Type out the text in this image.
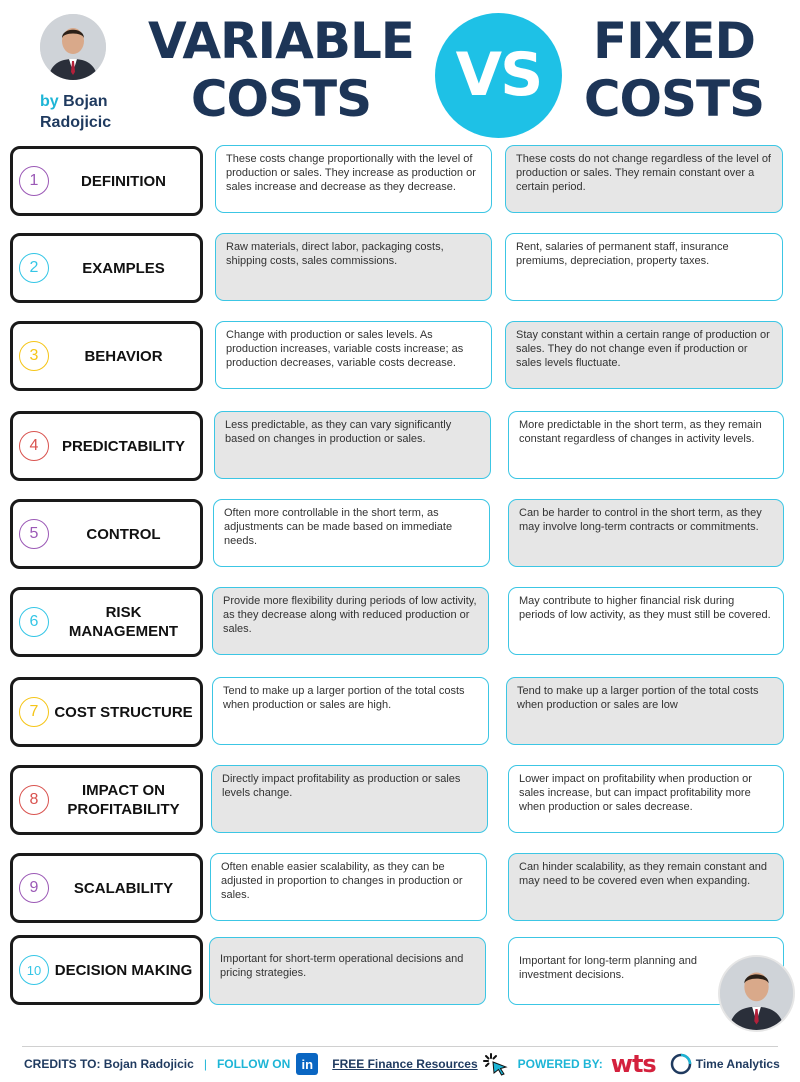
by Bojan Radojicic
VARIABLE
COSTS	VS	FIXED
COSTS
1	DEFINITION
These costs change proportionally with the level of production or sales. They increase as production or sales increase and decrease as they decrease.
These costs do not change regardless of the level of production or sales. They remain constant over a certain period.
2	EXAMPLES
Raw materials, direct labor, packaging costs, shipping costs, sales commissions.
Rent, salaries of permanent staff, insurance premiums, depreciation, property taxes.
3	BEHAVIOR
Change with production or sales levels. As production increases, variable costs increase; as production decreases, variable costs decrease.
Stay constant within a certain range of production or sales. They do not change even if production or sales levels fluctuate.
4	PREDICTABILITY
Less predictable, as they can vary significantly based on changes in production or sales.
More predictable in the short term, as they remain constant regardless of changes in activity levels.
5	CONTROL
Often more controllable in the short term, as adjustments can be made based on immediate needs.
Can be harder to control in the short term, as they may involve long-term contracts or commitments.
6
RISK MANAGEMENT
Provide more flexibility during periods of low activity, as they decrease along with reduced production or sales.
May contribute to higher financial risk during periods of low activity, as they must still be covered.
7	COST STRUCTURE
Tend to make up a larger portion of the total costs when production or sales are high.
Tend to make up a larger portion of the total costs when production or sales are low
8
IMPACT ON PROFITABILITY
Directly impact profitability as production or sales levels change.
Lower impact on profitability when production or sales increase, but can impact profitability more when production or sales decrease.
9	SCALABILITY
Often enable easier scalability, as they can be adjusted in proportion to changes in production or sales.
Can hinder scalability, as they remain constant and may need to be covered even when expanding.
10 DECISION MAKING
Important for short-term operational decisions and pricing strategies.
Important for long-term planning and investment decisions.
CREDITS TO: Bojan Radojicic | FOLLOW ON in	FREE Finance Resources	POWERED BY: wts	Time Analytics
